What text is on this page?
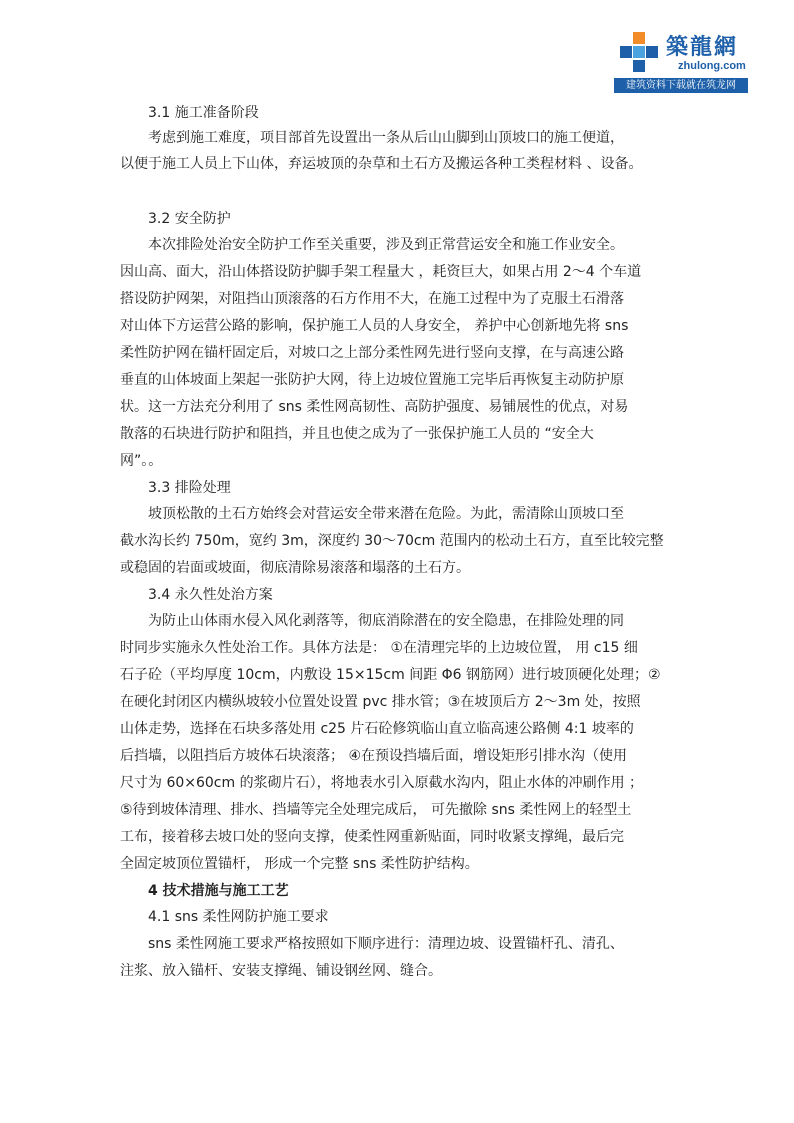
築龍網
zhulong.com
建筑资料下载就在筑龙网
3.1 施工准备阶段
考虑到施工难度，项目部首先设置出一条从后山山脚到山顶坡口的施工便道，
以便于施工人员上下山体，弃运坡顶的杂草和土石方及搬运各种工类程材料 、设备。
3.2 安全防护
本次排险处治安全防护工作至关重要，涉及到正常营运安全和施工作业安全。
因山高、面大，沿山体搭设防护脚手架工程量大 ，耗资巨大，如果占用 2～4 个车道
搭设防护网架，对阻挡山顶滚落的石方作用不大，在施工过程中为了克服土石滑落
对山体下方运营公路的影响，保护施工人员的人身安全， 养护中心创新地先将 sns
柔性防护网在锚杆固定后，对坡口之上部分柔性网先进行竖向支撑，在与高速公路
垂直的山体坡面上架起一张防护大网，待上边坡位置施工完毕后再恢复主动防护原
状。这一方法充分利用了 sns 柔性网高韧性、高防护强度、易铺展性的优点，对易
散落的石块进行防护和阻挡，并且也使之成为了一张保护施工人员的 “安全大
网”。。
3.3 排险处理
坡顶松散的土石方始终会对营运安全带来潜在危险。为此，需清除山顶坡口至
截水沟长约 750m，宽约 3m，深度约 30～70cm 范围内的松动土石方，直至比较完整
或稳固的岩面或坡面，彻底清除易滚落和塌落的土石方。
3.4 永久性处治方案
为防止山体雨水侵入风化剥落等，彻底消除潜在的安全隐患，在排险处理的同
时同步实施永久性处治工作。具体方法是： ①在清理完毕的上边坡位置， 用 c15 细
石子砼（平均厚度 10cm，内敷设 15×15cm 间距 Φ6 钢筋网）进行坡顶硬化处理；②
在硬化封闭区内横纵坡较小位置处设置 pvc 排水管；③在坡顶后方 2～3m 处，按照
山体走势，选择在石块多落处用 c25 片石砼修筑临山直立临高速公路侧 4:1 坡率的
后挡墙，以阻挡后方坡体石块滚落； ④在预设挡墙后面，增设矩形引排水沟（使用
尺寸为 60×60cm 的浆砌片石），将地表水引入原截水沟内，阻止水体的冲刷作用 ；
⑤待到坡体清理、排水、挡墙等完全处理完成后， 可先撤除 sns 柔性网上的轻型土
工布，接着移去坡口处的竖向支撑，使柔性网重新贴面，同时收紧支撑绳，最后完
全固定坡顶位置锚杆， 形成一个完整 sns 柔性防护结构。
4 技术措施与施工工艺
4.1 sns 柔性网防护施工要求
sns 柔性网施工要求严格按照如下顺序进行：清理边坡、设置锚杆孔、清孔、
注浆、放入锚杆、安装支撑绳、铺设钢丝网、缝合。
